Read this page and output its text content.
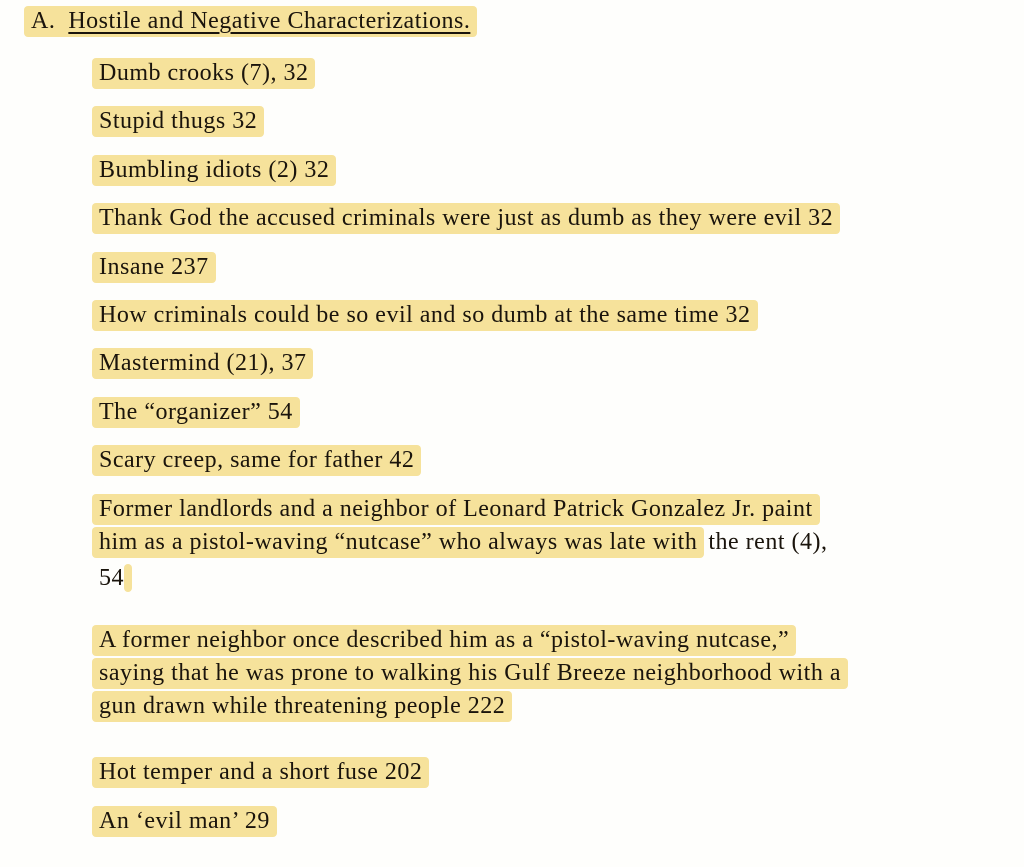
A. Hostile and Negative Characterizations.
Dumb crooks (7), 32
Stupid thugs 32
Bumbling idiots (2) 32
Thank God the accused criminals were just as dumb as they were evil 32
Insane 237
How criminals could be so evil and so dumb at the same time 32
Mastermind (21), 37
The “organizer” 54
Scary creep, same for father 42
Former landlords and a neighbor of Leonard Patrick Gonzalez Jr. paint
him as a pistol-waving “nutcase” who always was late with the rent (4),
54
A former neighbor once described him as a “pistol-waving nutcase,”
saying that he was prone to walking his Gulf Breeze neighborhood with a
gun drawn while threatening people 222
Hot temper and a short fuse 202
An ‘evil man’ 29
